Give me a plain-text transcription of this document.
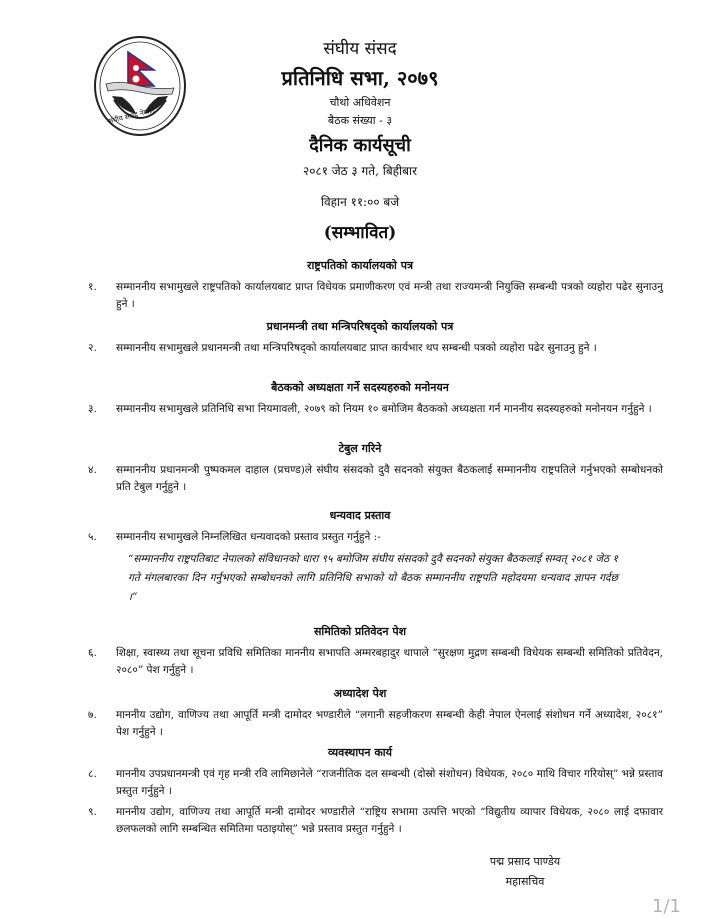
संघीय संसद नेपाल
संघीय संसद
प्रतिनिधि सभा, २०७९
चौथो अधिवेशन
बैठक संख्या - ३
दैनिक कार्यसूची
२०८१ जेठ ३ गते, बिहीबार
विहान ११:०० बजे
(सम्भावित)
राष्ट्रपतिको कार्यालयको पत्र
१. सम्माननीय सभामुखले राष्ट्रपतिको कार्यालयबाट प्राप्त विधेयक प्रमाणीकरण एवं मन्त्री तथा राज्यमन्त्री नियुक्ति सम्बन्धी पत्रको व्यहोरा पढेर सुनाउनु हुने ।
प्रधानमन्त्री तथा मन्त्रिपरिषद्को कार्यालयको पत्र
२. सम्माननीय सभामुखले प्रधानमन्त्री तथा मन्त्रिपरिषद्को कार्यालयबाट प्राप्त कार्यभार थप सम्बन्धी पत्रको व्यहोरा पढेर सुनाउनु हुने ।
बैठकको अध्यक्षता गर्ने सदस्यहरुको मनोनयन
३. सम्माननीय सभामुखले प्रतिनिधि सभा नियमावली, २०७९ को नियम १० बमोजिम बैठकको अध्यक्षता गर्न माननीय सदस्यहरुको मनोनयन गर्नुहुने ।
टेबुल गरिने
४. सम्माननीय प्रधानमन्त्री पुष्पकमल दाहाल (प्रचण्ड)ले संघीय संसदको दुवै सदनको संयुक्त बैठकलाई सम्माननीय राष्ट्रपतिले गर्नुभएको सम्बोधनको प्रति टेबुल गर्नुहुने ।
धन्यवाद प्रस्ताव
५. सम्माननीय सभामुखले निम्नलिखित धन्यवादको प्रस्ताव प्रस्तुत गर्नुहुने :-
“सम्माननीय राष्ट्रपतिबाट नेपालको संविधानको धारा ९५ बमोजिम संघीय संसदको दुवै सदनको संयुक्त बैठकलाई सम्वत् २०८१ जेठ १ गते मंगलबारका दिन गर्नुभएको सम्बोधनको लागि प्रतिनिधि सभाको यो बैठक सम्माननीय राष्ट्रपति महोदयमा धन्यवाद ज्ञापन गर्दछ ।”
समितिको प्रतिवेदन पेश
६. शिक्षा, स्वास्थ्य तथा सूचना प्रविधि समितिका माननीय सभापति अम्मरबहादुर थापाले “सुरक्षण मुद्रण सम्बन्धी विधेयक सम्बन्धी समितिको प्रतिवेदन, २०८०” पेश गर्नुहुने ।
अध्यादेश पेश
७. माननीय उद्योग, वाणिज्य तथा आपूर्ति मन्त्री दामोदर भण्डारीले “लगानी सहजीकरण सम्बन्धी केही नेपाल ऐनलाई संशोधन गर्ने अध्यादेश, २०८१” पेश गर्नुहुने ।
व्यवस्थापन कार्य
८. माननीय उपप्रधानमन्त्री एवं गृह मन्त्री रवि लामिछानेले “राजनीतिक दल सम्बन्धी (दोस्रो संशोधन) विधेयक, २०८० माथि विचार गरियोस्” भन्ने प्रस्ताव प्रस्तुत गर्नुहुने ।
९. माननीय उद्योग, वाणिज्य तथा आपूर्ति मन्त्री दामोदर भण्डारीले “राष्ट्रिय सभामा उत्पत्ति भएको “विद्युतीय व्यापार विधेयक, २०८० लाई दफावार छलफलको लागि सम्बन्धित समितिमा पठाइयोस्” भन्ने प्रस्ताव प्रस्तुत गर्नुहुने ।
पद्म प्रसाद पाण्डेय
महासचिव
1/1
